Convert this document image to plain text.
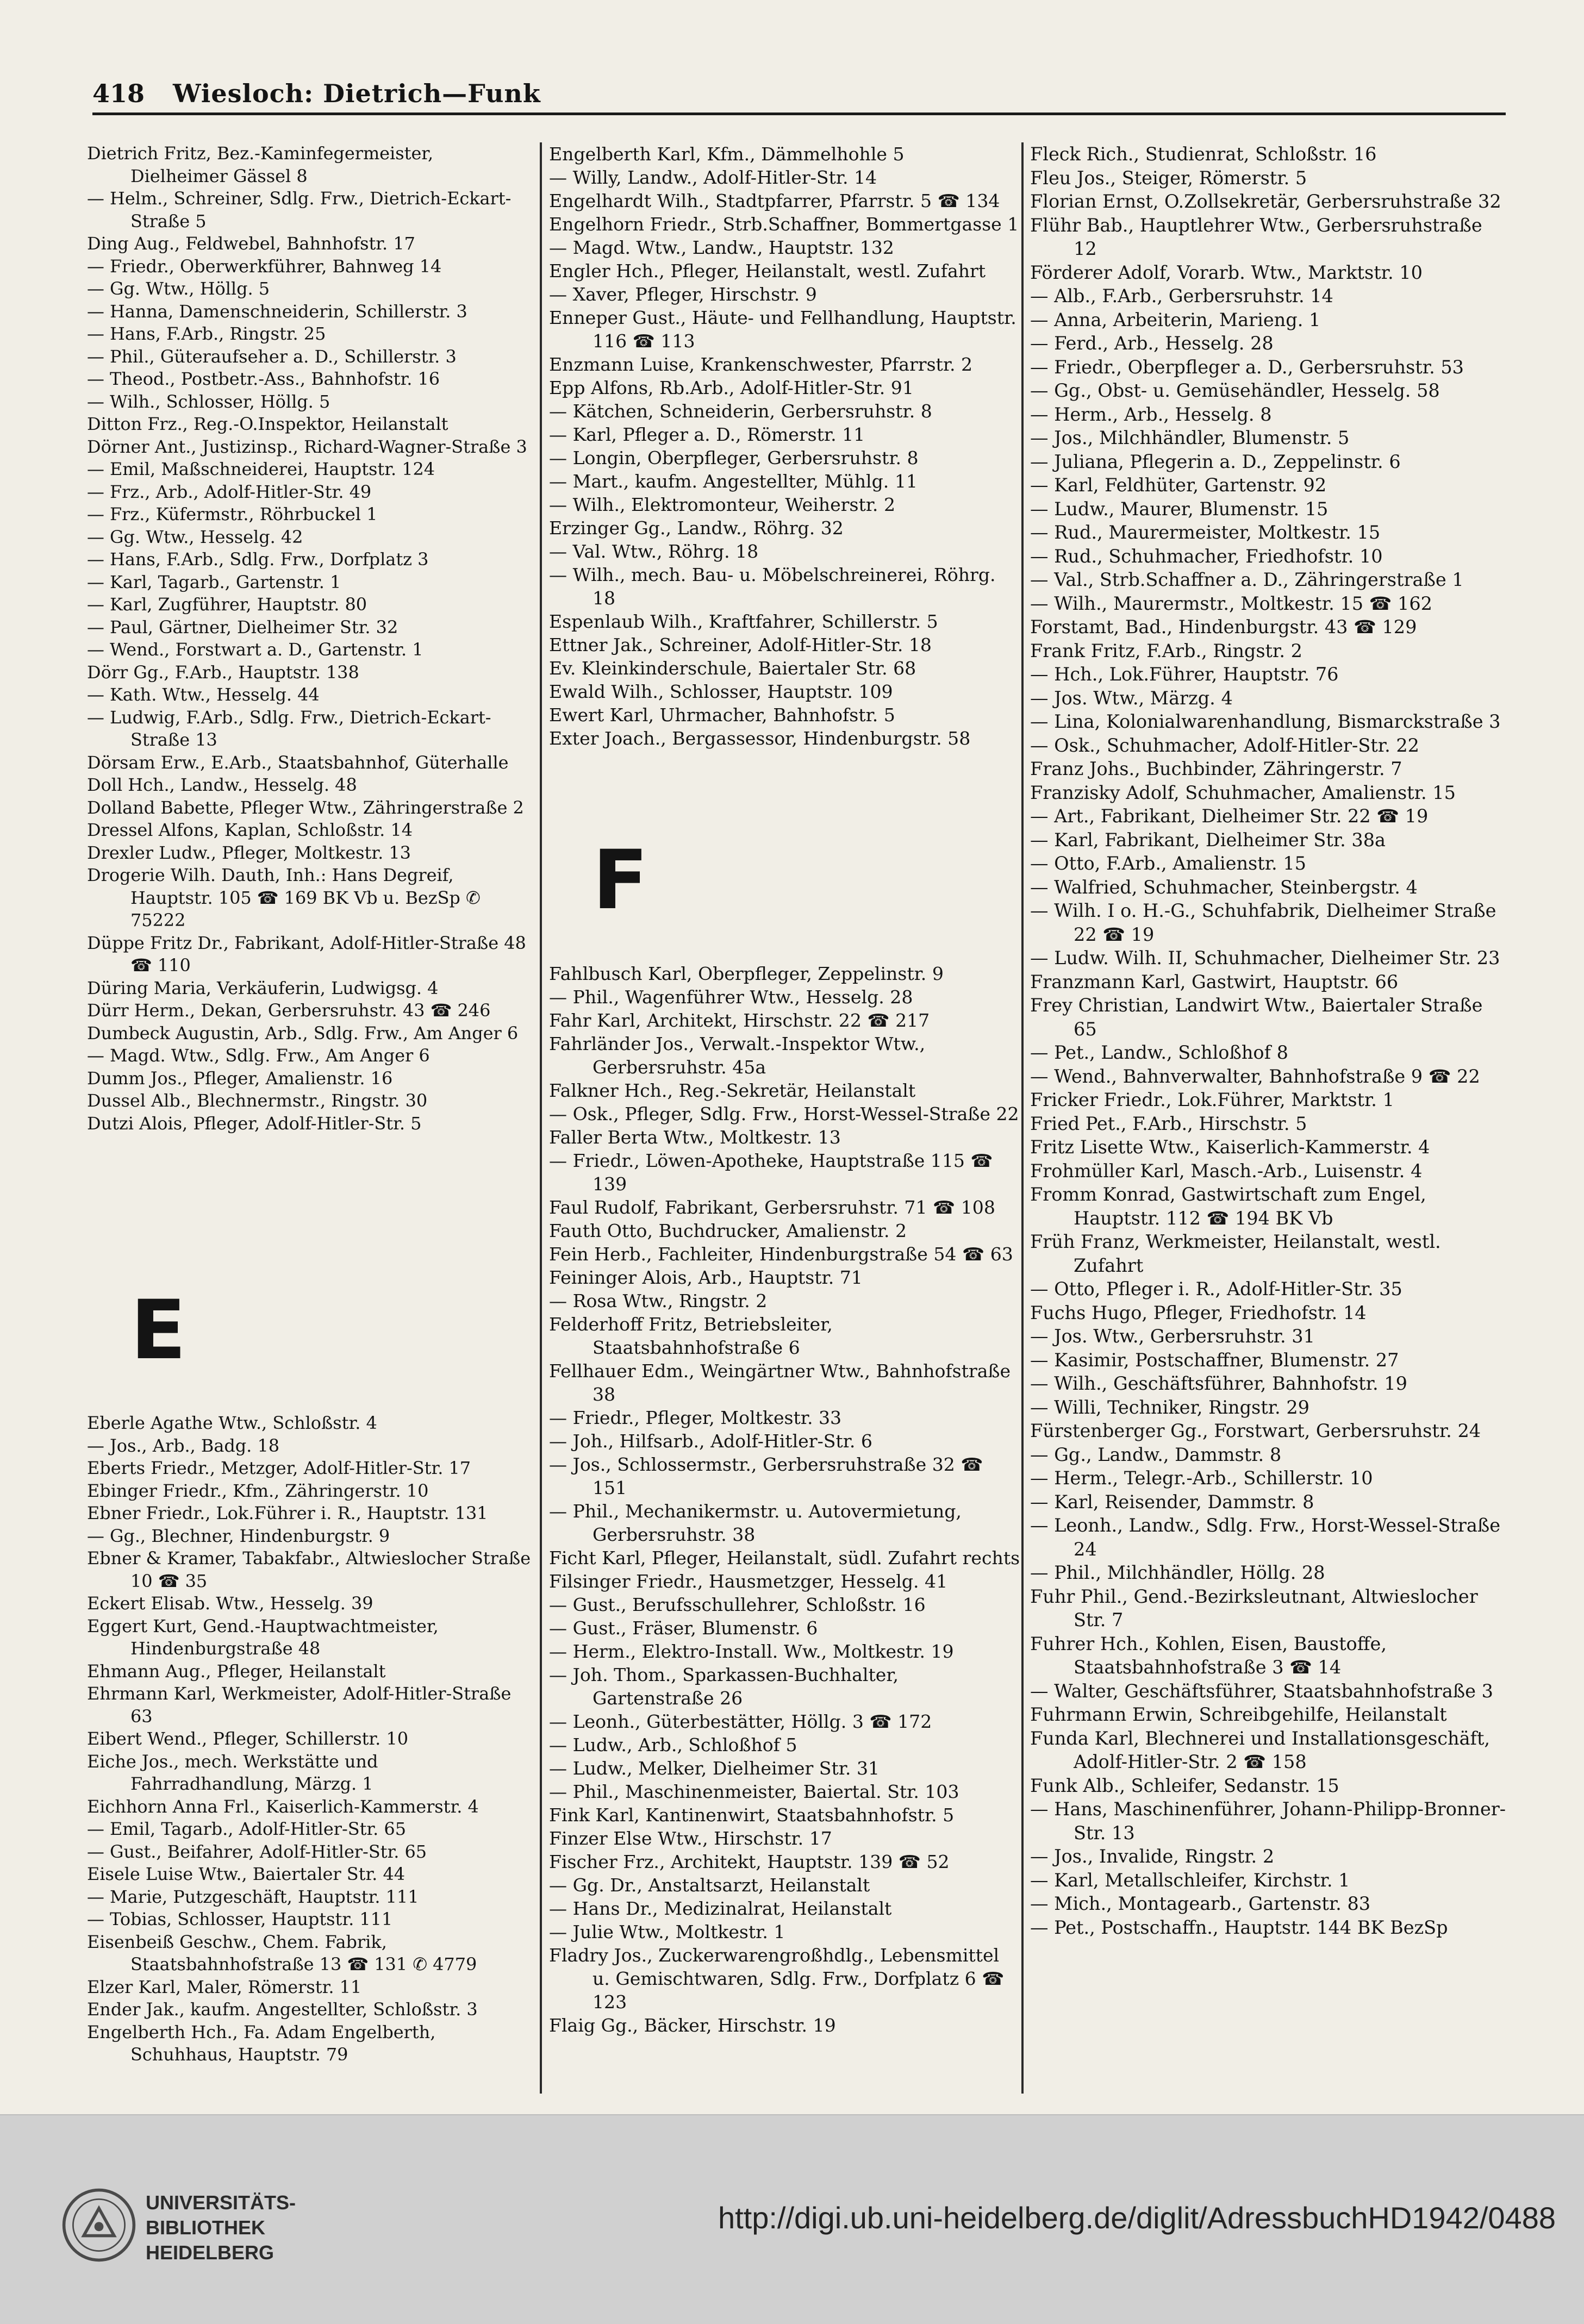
418 Wiesloch: Dietrich—Funk
Dietrich Fritz, Bez.-Kaminfegermeister, Dielheimer Gässel 8
— Helm., Schreiner, Sdlg. Frw., Dietrich-Eckart-Straße 5
Ding Aug., Feldwebel, Bahnhofstr. 17
— Friedr., Oberwerkführer, Bahnweg 14
— Gg. Wtw., Höllg. 5
— Hanna, Damenschneiderin, Schillerstr. 3
— Hans, F.Arb., Ringstr. 25
— Phil., Güteraufseher a. D., Schillerstr. 3
— Theod., Postbetr.-Ass., Bahnhofstr. 16
— Wilh., Schlosser, Höllg. 5
Ditton Frz., Reg.-O.Inspektor, Heilanstalt
Dörner Ant., Justizinsp., Richard-Wagner-Straße 3
— Emil, Maßschneiderei, Hauptstr. 124
— Frz., Arb., Adolf-Hitler-Str. 49
— Frz., Küfermstr., Röhrbuckel 1
— Gg. Wtw., Hesselg. 42
— Hans, F.Arb., Sdlg. Frw., Dorfplatz 3
— Karl, Tagarb., Gartenstr. 1
— Karl, Zugführer, Hauptstr. 80
— Paul, Gärtner, Dielheimer Str. 32
— Wend., Forstwart a. D., Gartenstr. 1
Dörr Gg., F.Arb., Hauptstr. 138
— Kath. Wtw., Hesselg. 44
— Ludwig, F.Arb., Sdlg. Frw., Dietrich-Eckart-Straße 13
Dörsam Erw., E.Arb., Staatsbahnhof, Güterhalle
Doll Hch., Landw., Hesselg. 48
Dolland Babette, Pfleger Wtw., Zähringerstraße 2
Dressel Alfons, Kaplan, Schloßstr. 14
Drexler Ludw., Pfleger, Moltkestr. 13
Drogerie Wilh. Dauth, Inh.: Hans Degreif, Hauptstr. 105 ☎ 169 BK Vb u. BezSp ✆ 75222
Düppe Fritz Dr., Fabrikant, Adolf-Hitler-Straße 48 ☎ 110
Düring Maria, Verkäuferin, Ludwigsg. 4
Dürr Herm., Dekan, Gerbersruhstr. 43 ☎ 246
Dumbeck Augustin, Arb., Sdlg. Frw., Am Anger 6
— Magd. Wtw., Sdlg. Frw., Am Anger 6
Dumm Jos., Pfleger, Amalienstr. 16
Dussel Alb., Blechnermstr., Ringstr. 30
Dutzi Alois, Pfleger, Adolf-Hitler-Str. 5
E
Eberle Agathe Wtw., Schloßstr. 4
— Jos., Arb., Badg. 18
Eberts Friedr., Metzger, Adolf-Hitler-Str. 17
Ebinger Friedr., Kfm., Zähringerstr. 10
Ebner Friedr., Lok.Führer i. R., Hauptstr. 131
— Gg., Blechner, Hindenburgstr. 9
Ebner & Kramer, Tabakfabr., Altwieslocher Straße 10 ☎ 35
Eckert Elisab. Wtw., Hesselg. 39
Eggert Kurt, Gend.-Hauptwachtmeister, Hindenburgstraße 48
Ehmann Aug., Pfleger, Heilanstalt
Ehrmann Karl, Werkmeister, Adolf-Hitler-Straße 63
Eibert Wend., Pfleger, Schillerstr. 10
Eiche Jos., mech. Werkstätte und Fahrradhandlung, Märzg. 1
Eichhorn Anna Frl., Kaiserlich-Kammerstr. 4
— Emil, Tagarb., Adolf-Hitler-Str. 65
— Gust., Beifahrer, Adolf-Hitler-Str. 65
Eisele Luise Wtw., Baiertaler Str. 44
— Marie, Putzgeschäft, Hauptstr. 111
— Tobias, Schlosser, Hauptstr. 111
Eisenbeiß Geschw., Chem. Fabrik, Staatsbahnhofstraße 13 ☎ 131 ✆ 4779
Elzer Karl, Maler, Römerstr. 11
Ender Jak., kaufm. Angestellter, Schloßstr. 3
Engelberth Hch., Fa. Adam Engelberth, Schuhhaus, Hauptstr. 79
Engelberth Karl, Kfm., Dämmelhohle 5
— Willy, Landw., Adolf-Hitler-Str. 14
Engelhardt Wilh., Stadtpfarrer, Pfarrstr. 5 ☎ 134
Engelhorn Friedr., Strb.Schaffner, Bommertgasse 1
— Magd. Wtw., Landw., Hauptstr. 132
Engler Hch., Pfleger, Heilanstalt, westl. Zufahrt
— Xaver, Pfleger, Hirschstr. 9
Enneper Gust., Häute- und Fellhandlung, Hauptstr. 116 ☎ 113
Enzmann Luise, Krankenschwester, Pfarrstr. 2
Epp Alfons, Rb.Arb., Adolf-Hitler-Str. 91
— Kätchen, Schneiderin, Gerbersruhstr. 8
— Karl, Pfleger a. D., Römerstr. 11
— Longin, Oberpfleger, Gerbersruhstr. 8
— Mart., kaufm. Angestellter, Mühlg. 11
— Wilh., Elektromonteur, Weiherstr. 2
Erzinger Gg., Landw., Röhrg. 32
— Val. Wtw., Röhrg. 18
— Wilh., mech. Bau- u. Möbelschreinerei, Röhrg. 18
Espenlaub Wilh., Kraftfahrer, Schillerstr. 5
Ettner Jak., Schreiner, Adolf-Hitler-Str. 18
Ev. Kleinkinderschule, Baiertaler Str. 68
Ewald Wilh., Schlosser, Hauptstr. 109
Ewert Karl, Uhrmacher, Bahnhofstr. 5
Exter Joach., Bergassessor, Hindenburgstr. 58
F
Fahlbusch Karl, Oberpfleger, Zeppelinstr. 9
— Phil., Wagenführer Wtw., Hesselg. 28
Fahr Karl, Architekt, Hirschstr. 22 ☎ 217
Fahrländer Jos., Verwalt.-Inspektor Wtw., Gerbersruhstr. 45a
Falkner Hch., Reg.-Sekretär, Heilanstalt
— Osk., Pfleger, Sdlg. Frw., Horst-Wessel-Straße 22
Faller Berta Wtw., Moltkestr. 13
— Friedr., Löwen-Apotheke, Hauptstraße 115 ☎ 139
Faul Rudolf, Fabrikant, Gerbersruhstr. 71 ☎ 108
Fauth Otto, Buchdrucker, Amalienstr. 2
Fein Herb., Fachleiter, Hindenburgstraße 54 ☎ 63
Feininger Alois, Arb., Hauptstr. 71
— Rosa Wtw., Ringstr. 2
Felderhoff Fritz, Betriebsleiter, Staatsbahnhofstraße 6
Fellhauer Edm., Weingärtner Wtw., Bahnhofstraße 38
— Friedr., Pfleger, Moltkestr. 33
— Joh., Hilfsarb., Adolf-Hitler-Str. 6
— Jos., Schlossermstr., Gerbersruhstraße 32 ☎ 151
— Phil., Mechanikermstr. u. Autovermietung, Gerbersruhstr. 38
Ficht Karl, Pfleger, Heilanstalt, südl. Zufahrt rechts
Filsinger Friedr., Hausmetzger, Hesselg. 41
— Gust., Berufsschullehrer, Schloßstr. 16
— Gust., Fräser, Blumenstr. 6
— Herm., Elektro-Install. Ww., Moltkestr. 19
— Joh. Thom., Sparkassen-Buchhalter, Gartenstraße 26
— Leonh., Güterbestätter, Höllg. 3 ☎ 172
— Ludw., Arb., Schloßhof 5
— Ludw., Melker, Dielheimer Str. 31
— Phil., Maschinenmeister, Baiertal. Str. 103
Fink Karl, Kantinenwirt, Staatsbahnhofstr. 5
Finzer Else Wtw., Hirschstr. 17
Fischer Frz., Architekt, Hauptstr. 139 ☎ 52
— Gg. Dr., Anstaltsarzt, Heilanstalt
— Hans Dr., Medizinalrat, Heilanstalt
— Julie Wtw., Moltkestr. 1
Fladry Jos., Zuckerwarengroßhdlg., Lebensmittel u. Gemischtwaren, Sdlg. Frw., Dorfplatz 6 ☎ 123
Flaig Gg., Bäcker, Hirschstr. 19
Fleck Rich., Studienrat, Schloßstr. 16
Fleu Jos., Steiger, Römerstr. 5
Florian Ernst, O.Zollsekretär, Gerbersruhstraße 32
Flühr Bab., Hauptlehrer Wtw., Gerbersruhstraße 12
Förderer Adolf, Vorarb. Wtw., Marktstr. 10
— Alb., F.Arb., Gerbersruhstr. 14
— Anna, Arbeiterin, Marieng. 1
— Ferd., Arb., Hesselg. 28
— Friedr., Oberpfleger a. D., Gerbersruhstr. 53
— Gg., Obst- u. Gemüsehändler, Hesselg. 58
— Herm., Arb., Hesselg. 8
— Jos., Milchhändler, Blumenstr. 5
— Juliana, Pflegerin a. D., Zeppelinstr. 6
— Karl, Feldhüter, Gartenstr. 92
— Ludw., Maurer, Blumenstr. 15
— Rud., Maurermeister, Moltkestr. 15
— Rud., Schuhmacher, Friedhofstr. 10
— Val., Strb.Schaffner a. D., Zähringerstraße 1
— Wilh., Maurermstr., Moltkestr. 15 ☎ 162
Forstamt, Bad., Hindenburgstr. 43 ☎ 129
Frank Fritz, F.Arb., Ringstr. 2
— Hch., Lok.Führer, Hauptstr. 76
— Jos. Wtw., Märzg. 4
— Lina, Kolonialwarenhandlung, Bismarckstraße 3
— Osk., Schuhmacher, Adolf-Hitler-Str. 22
Franz Johs., Buchbinder, Zähringerstr. 7
Franzisky Adolf, Schuhmacher, Amalienstr. 15
— Art., Fabrikant, Dielheimer Str. 22 ☎ 19
— Karl, Fabrikant, Dielheimer Str. 38a
— Otto, F.Arb., Amalienstr. 15
— Walfried, Schuhmacher, Steinbergstr. 4
— Wilh. I o. H.-G., Schuhfabrik, Dielheimer Straße 22 ☎ 19
— Ludw. Wilh. II, Schuhmacher, Dielheimer Str. 23
Franzmann Karl, Gastwirt, Hauptstr. 66
Frey Christian, Landwirt Wtw., Baiertaler Straße 65
— Pet., Landw., Schloßhof 8
— Wend., Bahnverwalter, Bahnhofstraße 9 ☎ 22
Fricker Friedr., Lok.Führer, Marktstr. 1
Fried Pet., F.Arb., Hirschstr. 5
Fritz Lisette Wtw., Kaiserlich-Kammerstr. 4
Frohmüller Karl, Masch.-Arb., Luisenstr. 4
Fromm Konrad, Gastwirtschaft zum Engel, Hauptstr. 112 ☎ 194 BK Vb
Früh Franz, Werkmeister, Heilanstalt, westl. Zufahrt
— Otto, Pfleger i. R., Adolf-Hitler-Str. 35
Fuchs Hugo, Pfleger, Friedhofstr. 14
— Jos. Wtw., Gerbersruhstr. 31
— Kasimir, Postschaffner, Blumenstr. 27
— Wilh., Geschäftsführer, Bahnhofstr. 19
— Willi, Techniker, Ringstr. 29
Fürstenberger Gg., Forstwart, Gerbersruhstr. 24
— Gg., Landw., Dammstr. 8
— Herm., Telegr.-Arb., Schillerstr. 10
— Karl, Reisender, Dammstr. 8
— Leonh., Landw., Sdlg. Frw., Horst-Wessel-Straße 24
— Phil., Milchhändler, Höllg. 28
Fuhr Phil., Gend.-Bezirksleutnant, Altwieslocher Str. 7
Fuhrer Hch., Kohlen, Eisen, Baustoffe, Staatsbahnhofstraße 3 ☎ 14
— Walter, Geschäftsführer, Staatsbahnhofstraße 3
Fuhrmann Erwin, Schreibgehilfe, Heilanstalt
Funda Karl, Blechnerei und Installationsgeschäft, Adolf-Hitler-Str. 2 ☎ 158
Funk Alb., Schleifer, Sedanstr. 15
— Hans, Maschinenführer, Johann-Philipp-Bronner-Str. 13
— Jos., Invalide, Ringstr. 2
— Karl, Metallschleifer, Kirchstr. 1
— Mich., Montagearb., Gartenstr. 83
— Pet., Postschaffn., Hauptstr. 144 BK BezSp
UNIVERSITÄTS-
BIBLIOTHEK
HEIDELBERG
http://digi.ub.uni-heidelberg.de/diglit/AdressbuchHD1942/0488
